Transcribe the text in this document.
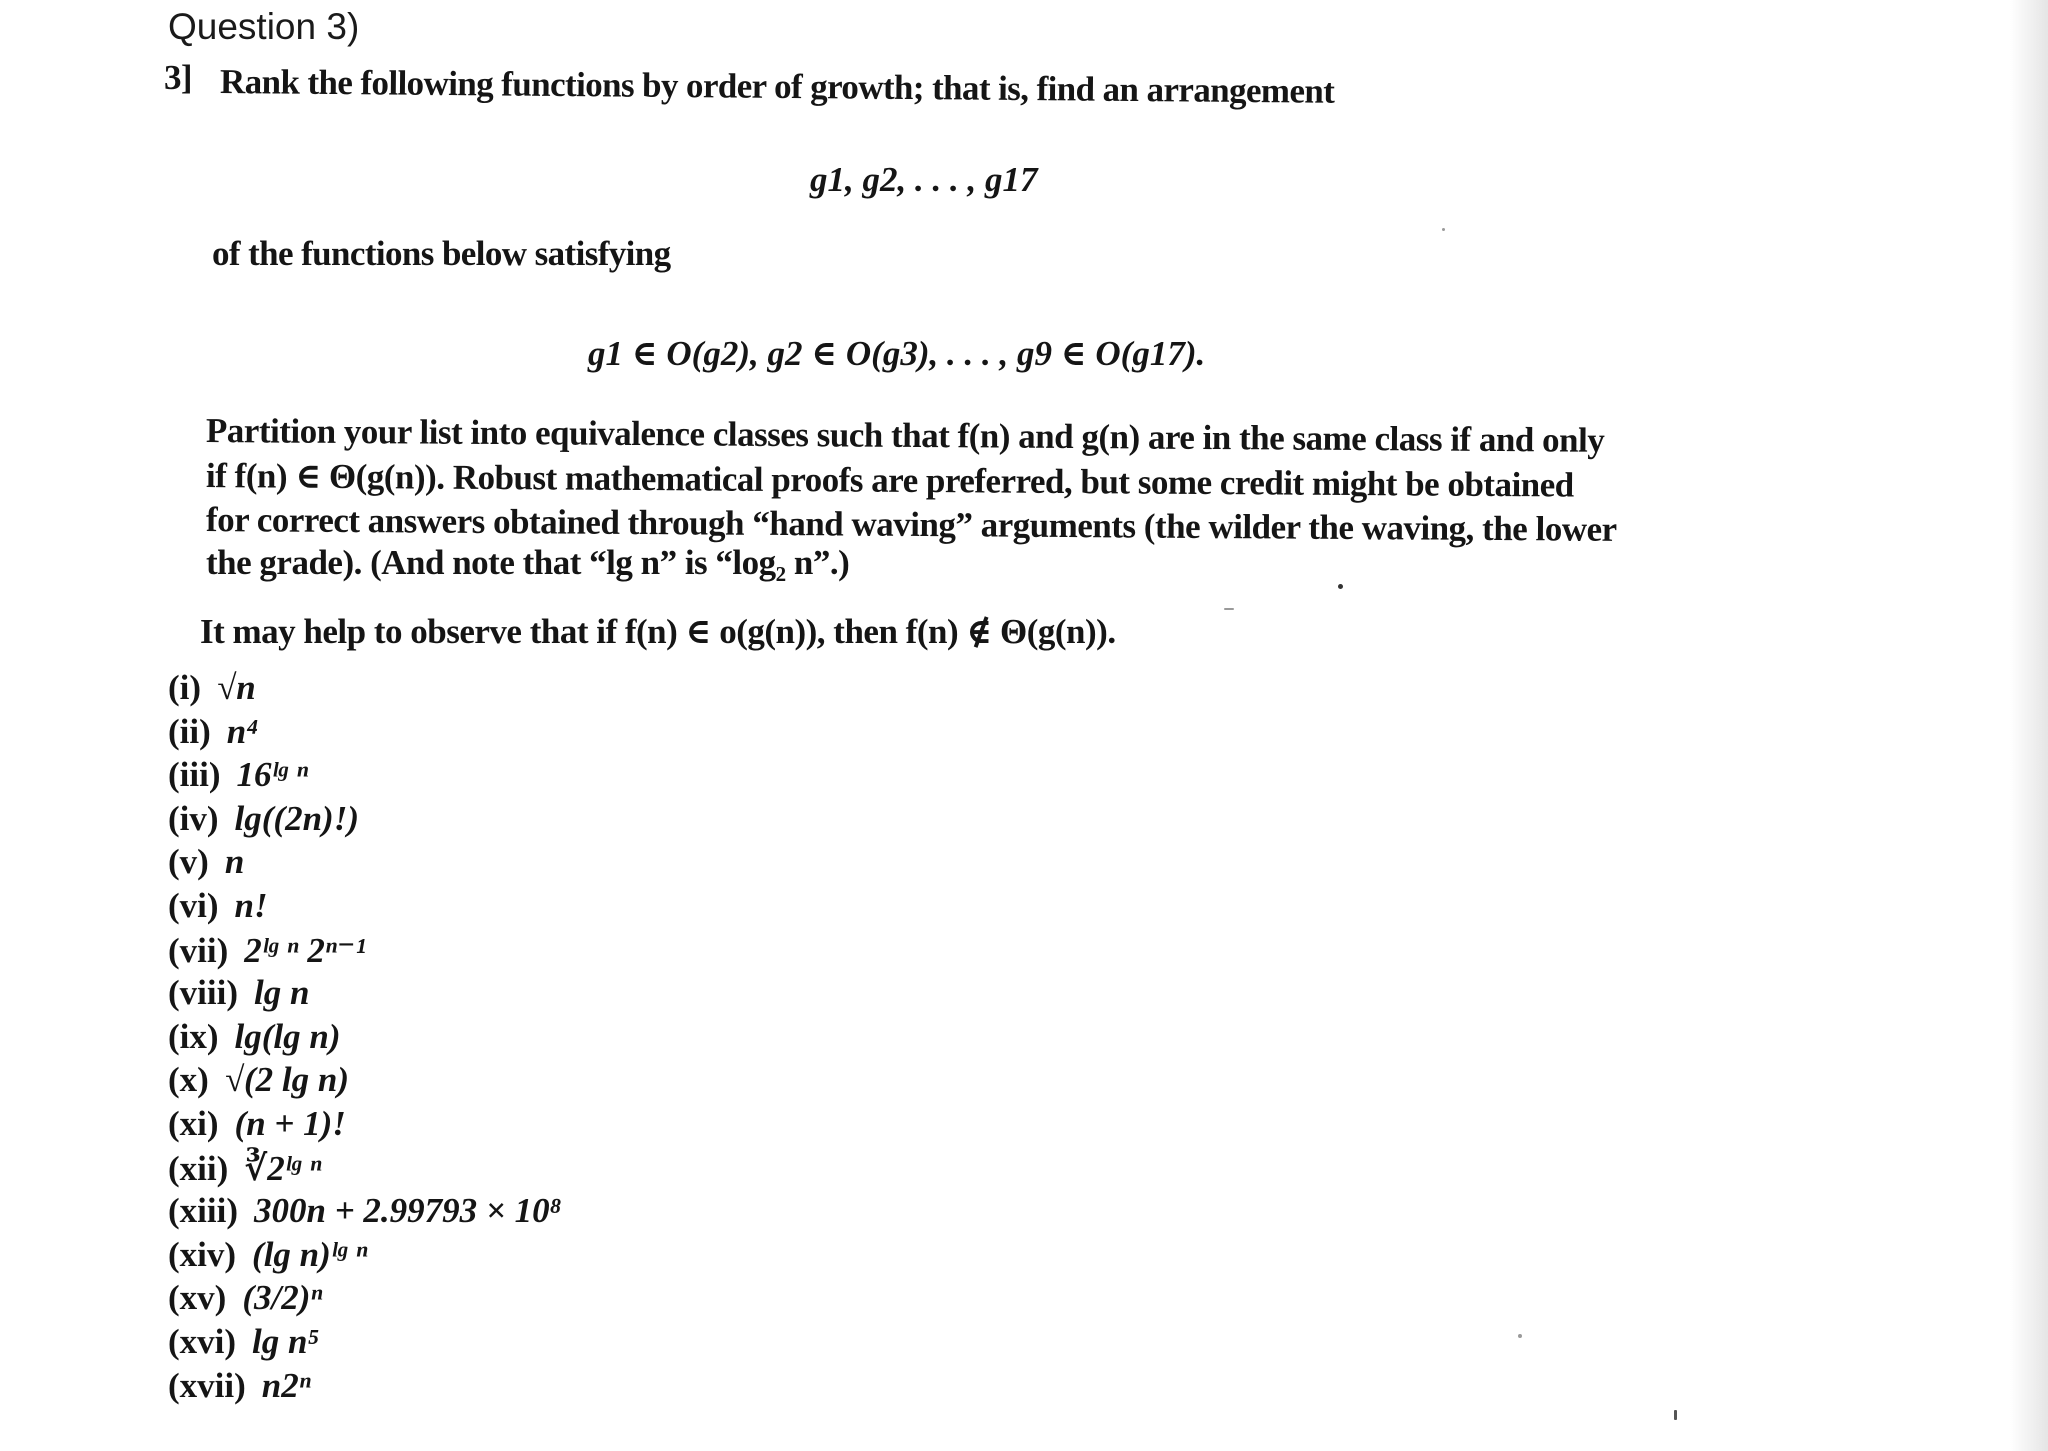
Question 3)
3] Rank the following functions by order of growth; that is, find an arrangement
g1, g2, . . . , g17
of the functions below satisfying
g1 ∈ O(g2), g2 ∈ O(g3), . . . , g9 ∈ O(g17).
Partition your list into equivalence classes such that f(n) and g(n) are in the same class if and only
if f(n) ∈ Θ(g(n)). Robust mathematical proofs are preferred, but some credit might be obtained
for correct answers obtained through “hand waving” arguments (the wilder the waving, the lower
the grade). (And note that “lg n” is “log₂ n”.)
It may help to observe that if f(n) ∈ o(g(n)), then f(n) ∉ Θ(g(n)).
(i) √n
(ii) n⁴
(iii) 16ˡᵍ ⁿ
(iv) lg((2n)!)
(v) n
(vi) n!
(vii) 2ˡᵍ ⁿ 2ⁿ⁻¹
(viii) lg n
(ix) lg(lg n)
(x) √(2 lg n)
(xi) (n + 1)!
(xii) ∛2ˡᵍ ⁿ
(xiii) 300n + 2.99793 × 10⁸
(xiv) (lg n)ˡᵍ ⁿ
(xv) (3/2)ⁿ
(xvi) lg n⁵
(xvii) n2ⁿ
